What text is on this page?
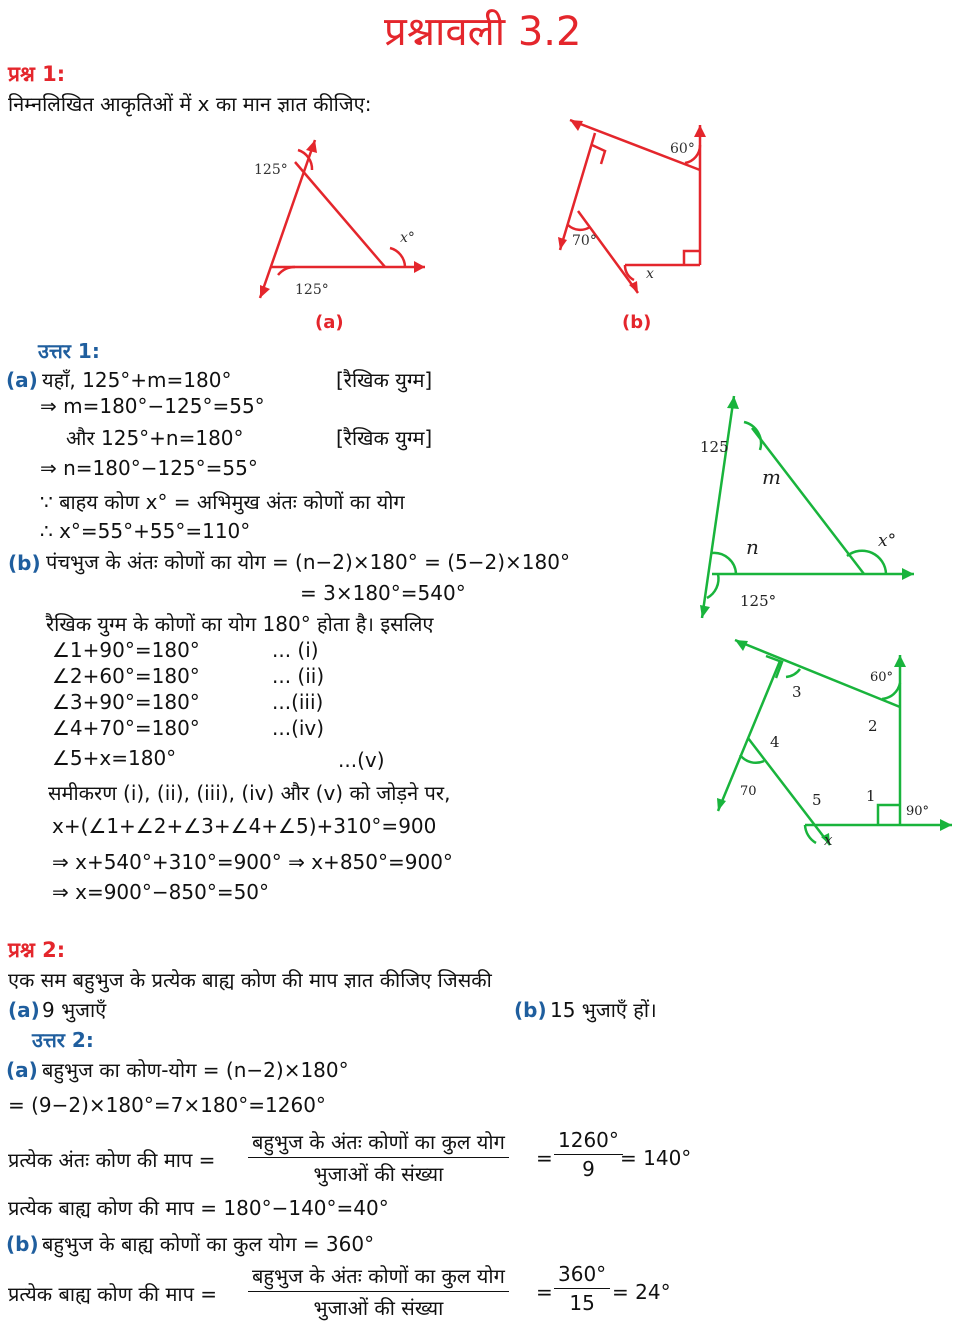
प्रश्नावली 3.2
प्रश्न 1:
निम्नलिखित आकृतिओं में x का मान ज्ञात कीजिए:
125°
125°
x°
(a)
60°
70°
x
(b)
उत्तर 1:
(a) यहाँ, 125°+m=180°	[रैखिक युग्म]
⇒ m=180°−125°=55°
और 125°+n=180°	[रैखिक युग्म]
⇒ n=180°−125°=55°
∵ बाहय कोण x° = अभिमुख अंतः कोणों का योग
∴ x°=55°+55°=110°
(b) पंचभुज के अंतः कोणों का योग = (n−2)×180° = (5−2)×180°
= 3×180°=540°
रैखिक युग्म के कोणों का योग 180° होता है। इसलिए
∠1+90°=180°	... (i)
∠2+60°=180°	... (ii)
∠3+90°=180°	...(iii)
∠4+70°=180°	...(iv)
∠5+x=180°	...(v)
समीकरण (i), (ii), (iii), (iv) और (v) को जोड़ने पर,
x+(∠1+∠2+∠3+∠4+∠5)+310°=900
⇒ x+540°+310°=900° ⇒ x+850°=900°
⇒ x=900°−850°=50°
125
m
n	x°
125°
60°
3
2
4
70	5	1
90°
x
प्रश्न 2:
एक सम बहुभुज के प्रत्येक बाह्य कोण की माप ज्ञात कीजिए जिसकी
(a) 9 भुजाएँ	(b) 15 भुजाएँ हों।
उत्तर 2:
(a) बहुभुज का कोण-योग = (n−2)×180°
= (9−2)×180°=7×180°=1260°
प्रत्येक अंतः कोण की माप =
बहुभुज के अंतः कोणों का कुल योग
भुजाओं की संख्या
=
1260°
9 = 140°
प्रत्येक बाह्य कोण की माप = 180°−140°=40°
(b) बहुभुज के बाह्य कोणों का कुल योग = 360°
प्रत्येक बाह्य कोण की माप =
बहुभुज के अंतः कोणों का कुल योग
भुजाओं की संख्या
=
360°
15 = 24°
